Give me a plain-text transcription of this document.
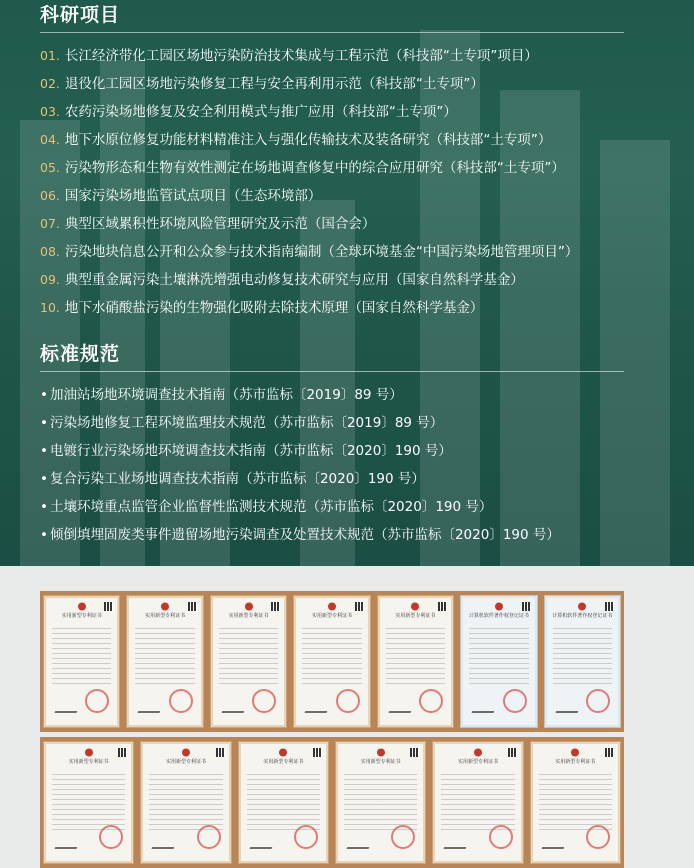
科研项目
01. 长江经济带化工园区场地污染防治技术集成与工程示范（科技部“土专项”项目）
02. 退役化工园区场地污染修复工程与安全再利用示范（科技部“土专项”）
03. 农药污染场地修复及安全利用模式与推广应用（科技部“土专项”）
04. 地下水原位修复功能材料精准注入与强化传输技术及装备研究（科技部“土专项”）
05. 污染物形态和生物有效性测定在场地调查修复中的综合应用研究（科技部“土专项”）
06. 国家污染场地监管试点项目（生态环境部）
07. 典型区域累积性环境风险管理研究及示范（国合会）
08. 污染地块信息公开和公众参与技术指南编制（全球环境基金“中国污染场地管理项目”）
09. 典型重金属污染土壤淋洗增强电动修复技术研究与应用（国家自然科学基金）
10. 地下水硝酸盐污染的生物强化吸附去除技术原理（国家自然科学基金）
标准规范
• 加油站场地环境调查技术指南（苏市监标〔2019〕89 号）
• 污染场地修复工程环境监理技术规范（苏市监标〔2019〕89 号）
• 电镀行业污染场地环境调查技术指南（苏市监标〔2020〕190 号）
• 复合污染工业场地调查技术指南（苏市监标〔2020〕190 号）
• 土壤环境重点监管企业监督性监测技术规范（苏市监标〔2020〕190 号）
• 倾倒填埋固废类事件遗留场地污染调查及处置技术规范（苏市监标〔2020〕190 号）
实用新型专利证书	实用新型专利证书	实用新型专利证书	实用新型专利证书	实用新型专利证书	计算机软件著作权登记证书	计算机软件著作权登记证书
实用新型专利证书	实用新型专利证书	实用新型专利证书	实用新型专利证书	实用新型专利证书	实用新型专利证书
